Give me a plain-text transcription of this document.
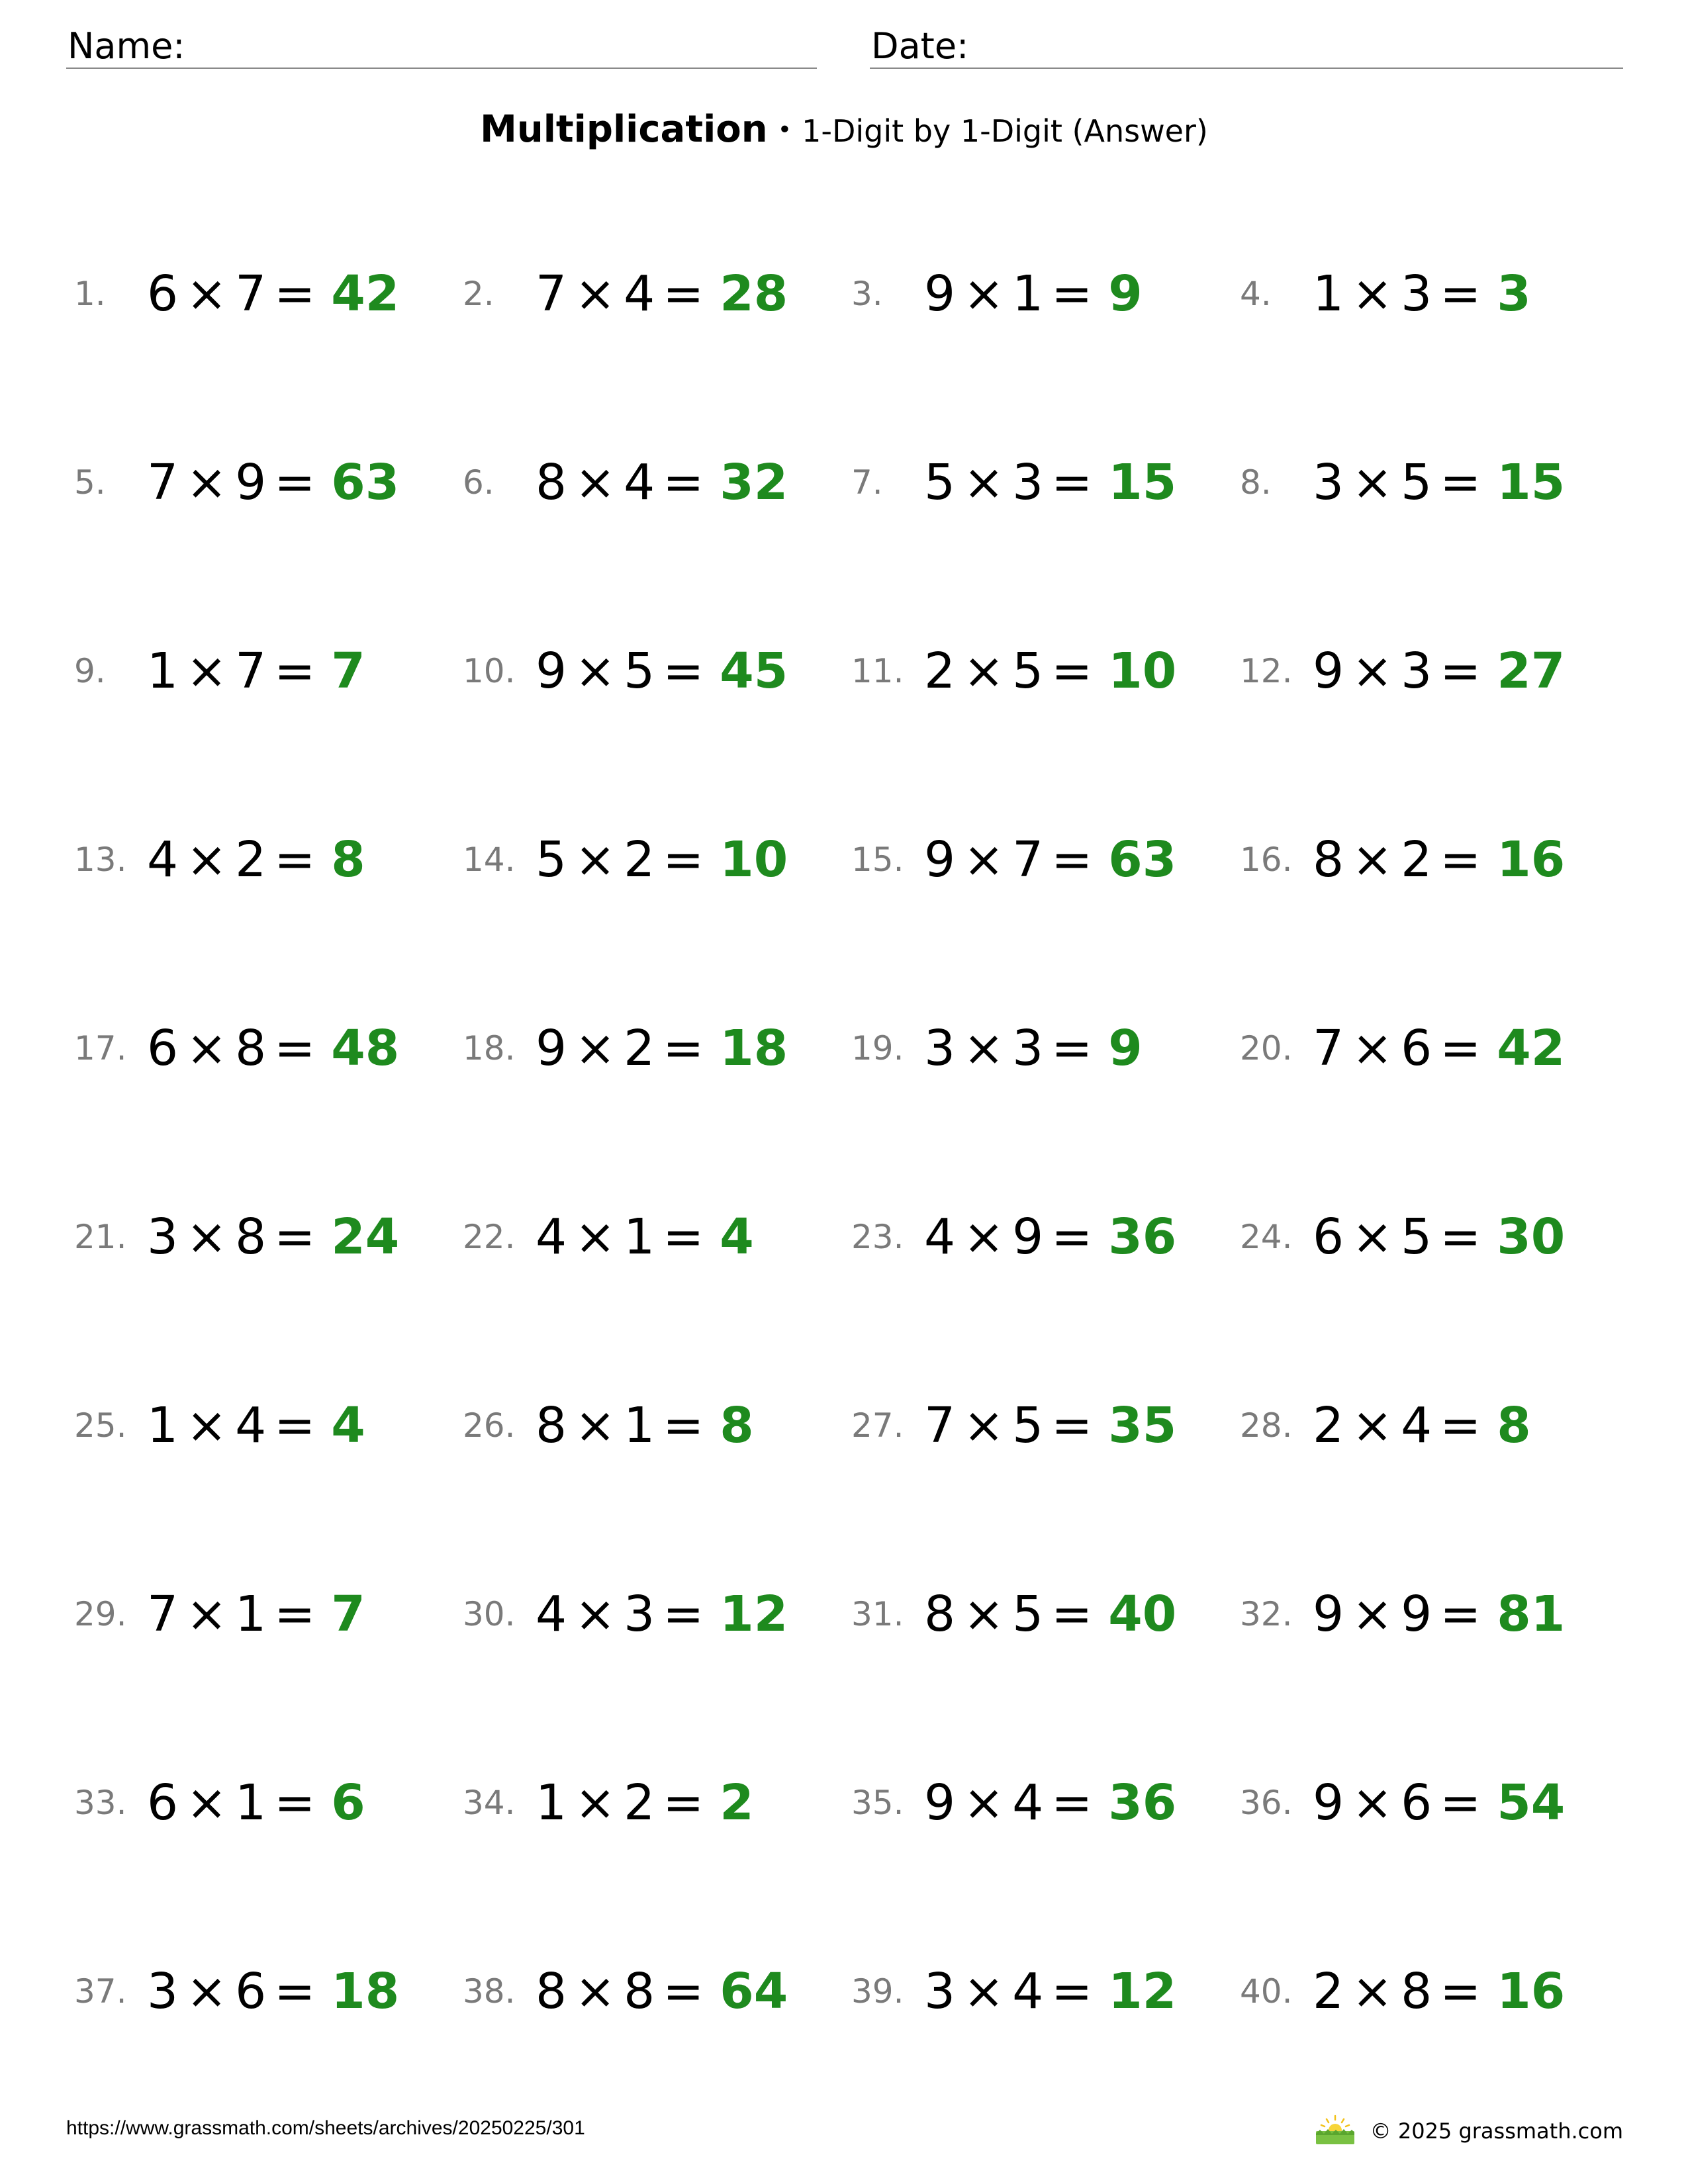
Name:	Date:
Multiplication • 1-Digit by 1-Digit (Answer)
1. 6 × 7 = 42 2. 7 × 4 = 28 3. 9 × 1 = 9	4. 1 × 3 = 3
5. 7 × 9 = 63 6. 8 × 4 = 32 7. 5 × 3 = 15 8. 3 × 5 = 15
9. 1 × 7 = 7	10. 9 × 5 = 45 11. 2 × 5 = 10 12. 9 × 3 = 27
13. 4 × 2 = 8	14. 5 × 2 = 10 15. 9 × 7 = 63 16. 8 × 2 = 16
17. 6 × 8 = 48 18. 9 × 2 = 18 19. 3 × 3 = 9	20. 7 × 6 = 42
21. 3 × 8 = 24 22. 4 × 1 = 4	23. 4 × 9 = 36 24. 6 × 5 = 30
25. 1 × 4 = 4	26. 8 × 1 = 8	27. 7 × 5 = 35 28. 2 × 4 = 8
29. 7 × 1 = 7	30. 4 × 3 = 12 31. 8 × 5 = 40 32. 9 × 9 = 81
33. 6 × 1 = 6	34. 1 × 2 = 2	35. 9 × 4 = 36 36. 9 × 6 = 54
37. 3 × 6 = 18 38. 8 × 8 = 64 39. 3 × 4 = 12 40. 2 × 8 = 16
https://www.grassmath.com/sheets/archives/20250225/301	© 2025 grassmath.com
